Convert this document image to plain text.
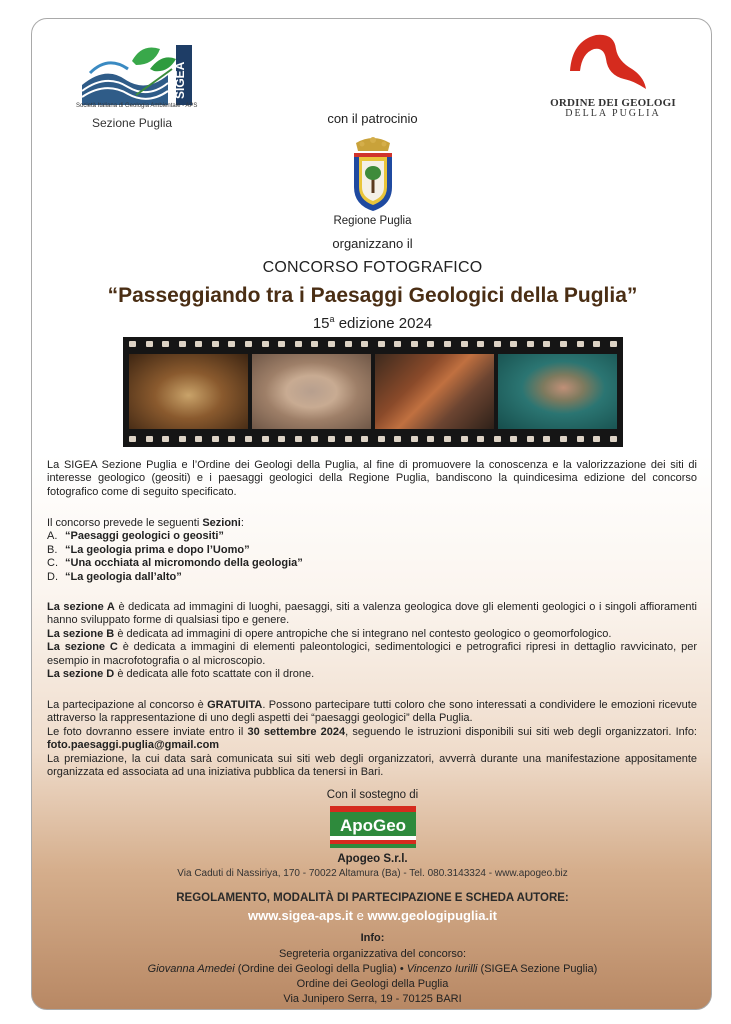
SIGEA
Società Italiana di Geologia Ambientale - APS
Sezione Puglia
ORDINE DEI GEOLOGI
DELLA PUGLIA
con il patrocinio
Regione Puglia
organizzano il
CONCORSO FOTOGRAFICO
“Passeggiando tra i Paesaggi Geologici della Puglia”
15$^a$ edizione 2024
La SIGEA Sezione Puglia e l’Ordine dei Geologi della Puglia, al fine di promuovere la conoscenza e la valorizzazione dei siti di interesse geologico (geositi) e i paesaggi geologici della Regione Puglia, bandiscono la quindicesima edizione del concorso fotografico come di seguito specificato.
Il concorso prevede le seguenti Sezioni:
A. “Paesaggi geologici o geositi”
B. “La geologia prima e dopo l’Uomo”
C. “Una occhiata al micromondo della geologia”
D. “La geologia dall’alto”
La sezione A è dedicata ad immagini di luoghi, paesaggi, siti a valenza geologica dove gli elementi geologici o i singoli affioramenti hanno sviluppato forme di qualsiasi tipo e genere.
La sezione B è dedicata ad immagini di opere antropiche che si integrano nel contesto geologico o geomorfologico.
La sezione C è dedicata a immagini di elementi paleontologici, sedimentologici e petrografici ripresi in dettaglio ravvicinato, per esempio in macrofotografia o al microscopio.
La sezione D è dedicata alle foto scattate con il drone.
La partecipazione al concorso è GRATUITA. Possono partecipare tutti coloro che sono interessati a condividere le emozioni ricevute attraverso la rappresentazione di uno degli aspetti dei “paesaggi geologici” della Puglia.
Le foto dovranno essere inviate entro il 30 settembre 2024, seguendo le istruzioni disponibili sui siti web degli organizzatori. Info: foto.paesaggi.puglia@gmail.com
La premiazione, la cui data sarà comunicata sui siti web degli organizzatori, avverrà durante una manifestazione appositamente organizzata ed associata ad una iniziativa pubblica da tenersi in Bari.
Con il sostegno di
ApoGeo
Apogeo S.r.l.
Via Caduti di Nassiriya, 170 - 70022 Altamura (Ba) - Tel. 080.3143324 - www.apogeo.biz
REGOLAMENTO, MODALITÀ DI PARTECIPAZIONE E SCHEDA AUTORE:
www.sigea-aps.it e www.geologipuglia.it
Info:
Segreteria organizzativa del concorso:
Giovanna Amedei (Ordine dei Geologi della Puglia) • Vincenzo Iurilli (SIGEA Sezione Puglia)
Ordine dei Geologi della Puglia
Via Junipero Serra, 19 - 70125 BARI
